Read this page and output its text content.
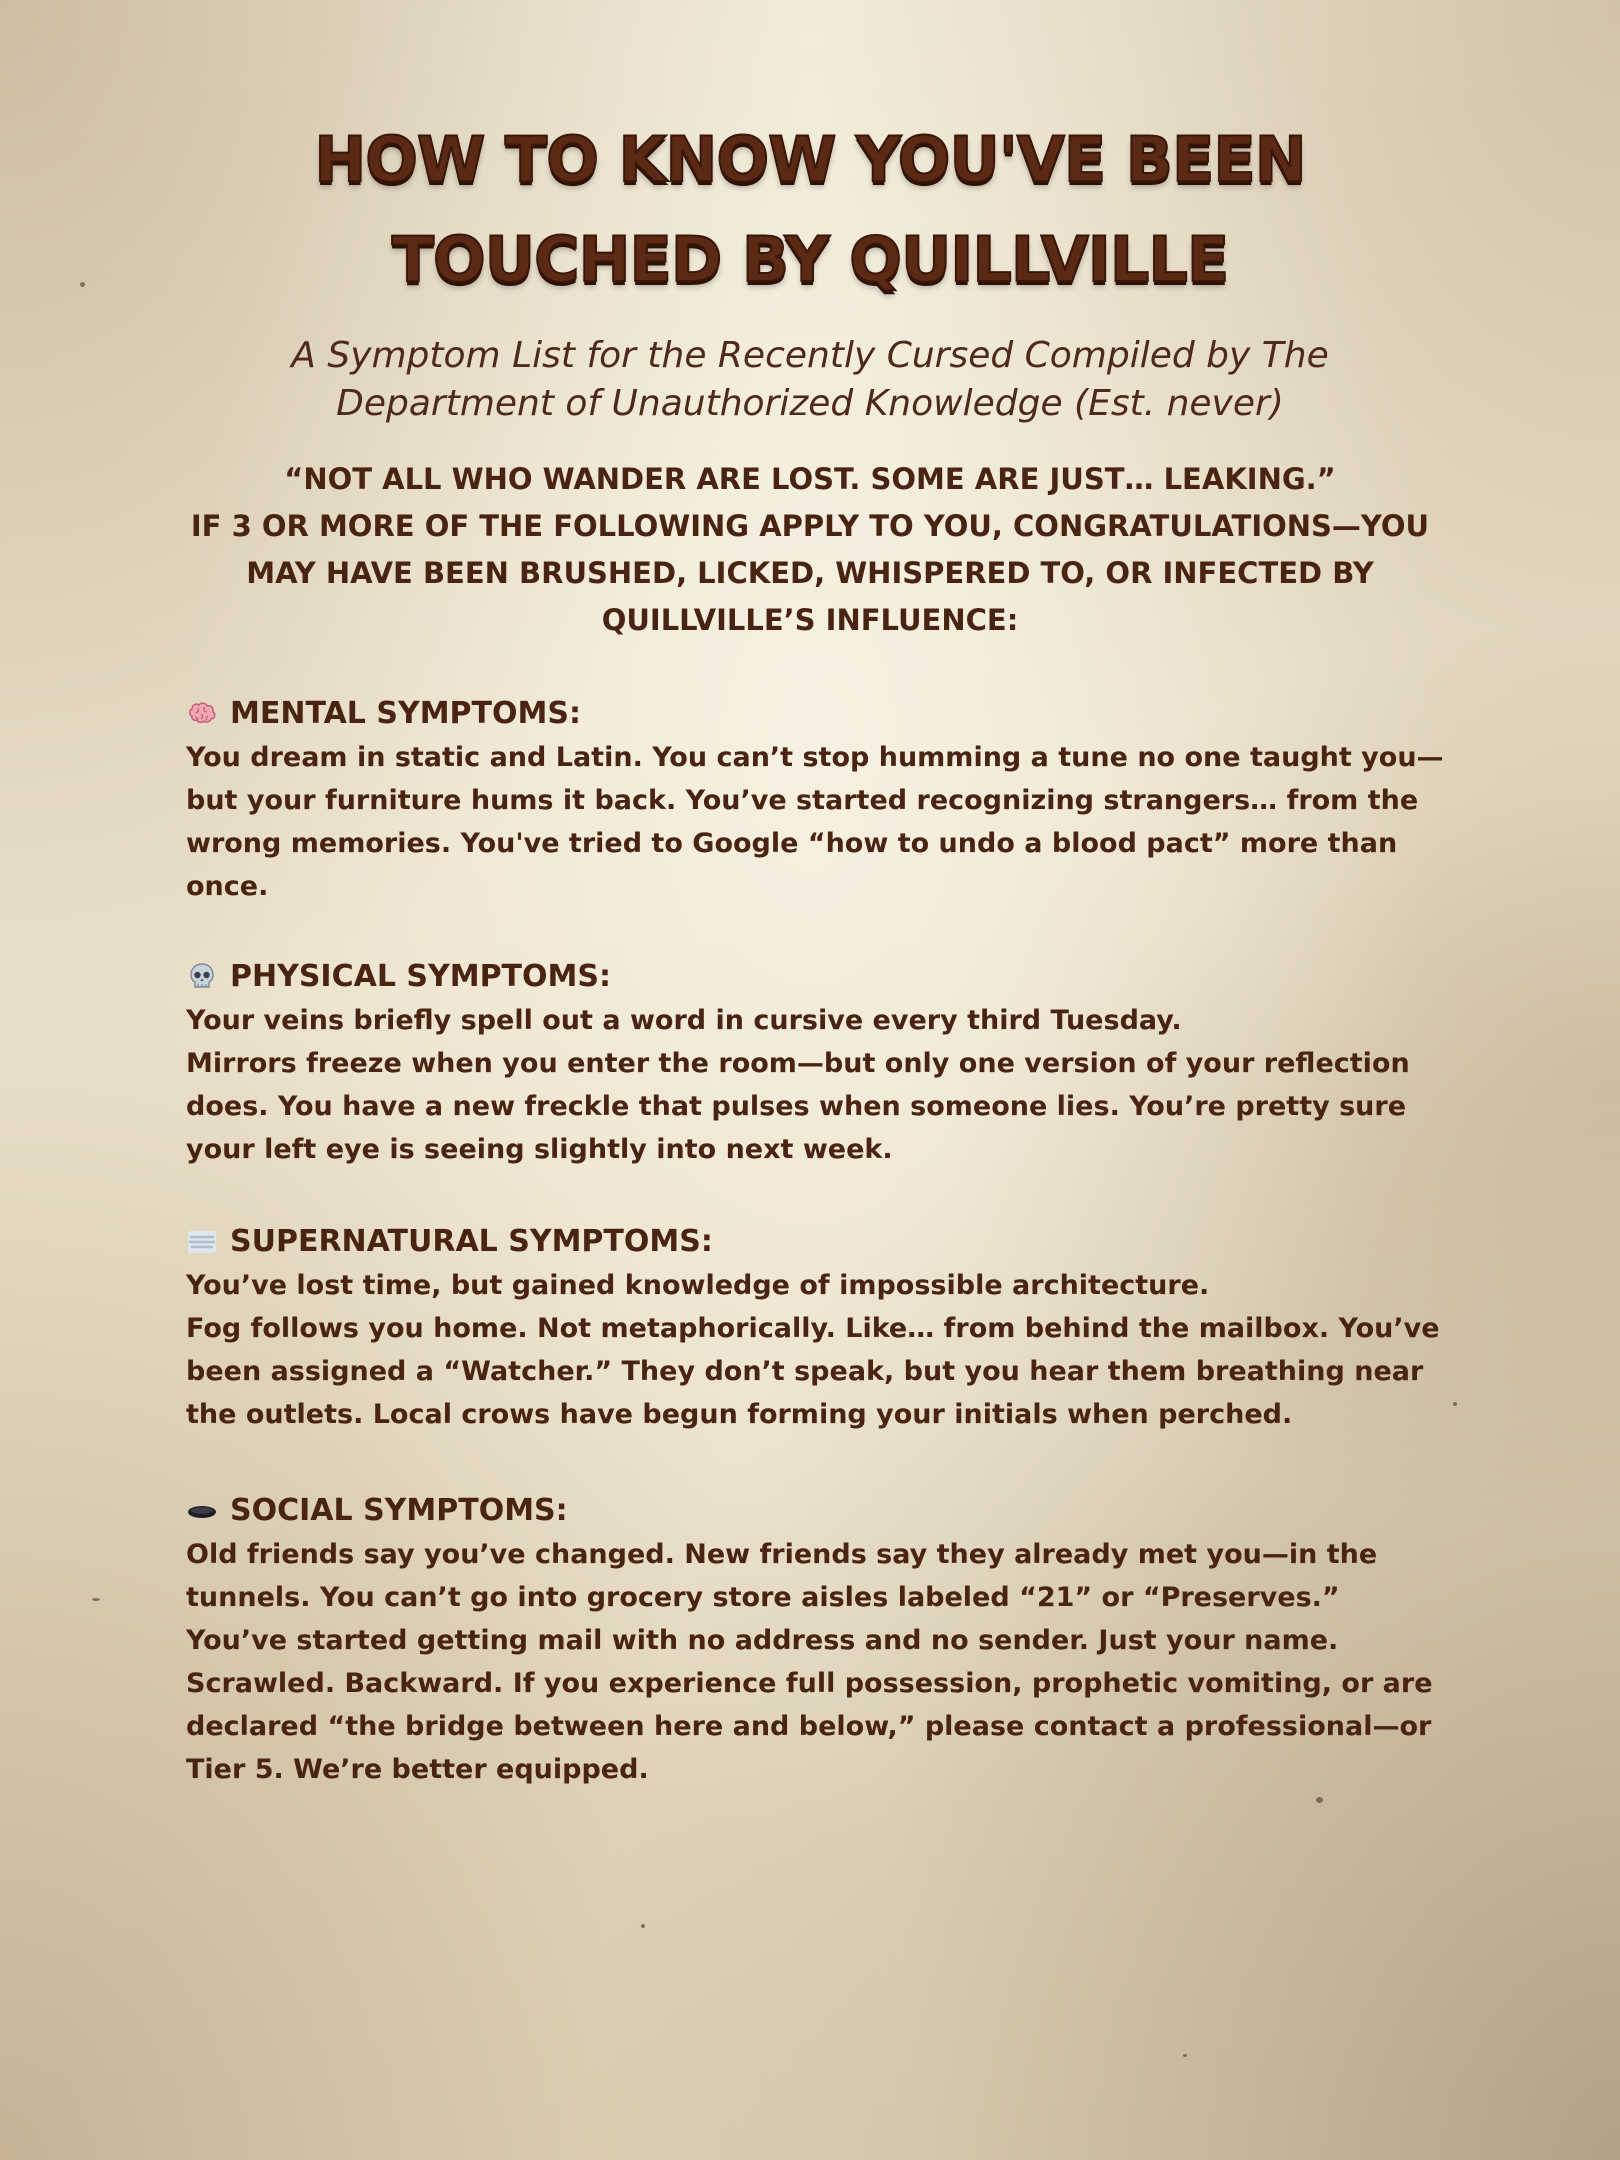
HOW TO KNOW YOU'VE BEEN
TOUCHED BY QUILLVILLE

A Symptom List for the Recently Cursed Compiled by The Department of Unauthorized Knowledge (Est. never)

“NOT ALL WHO WANDER ARE LOST. SOME ARE JUST… LEAKING.”

IF 3 OR MORE OF THE FOLLOWING APPLY TO YOU, CONGRATULATIONS—YOU MAY HAVE BEEN BRUSHED, LICKED, WHISPERED TO, OR INFECTED BY QUILLVILLE’S INFLUENCE:

MENTAL SYMPTOMS:

You dream in static and Latin. You can’t stop humming a tune no one taught you—but your furniture hums it back. You’ve started recognizing strangers… from the wrong memories. You've tried to Google “how to undo a blood pact” more than once.

PHYSICAL SYMPTOMS:

Your veins briefly spell out a word in cursive every third Tuesday.

Mirrors freeze when you enter the room—but only one version of your reflection does. You have a new freckle that pulses when someone lies. You’re pretty sure your left eye is seeing slightly into next week.

SUPERNATURAL SYMPTOMS:

You’ve lost time, but gained knowledge of impossible architecture.

Fog follows you home. Not metaphorically. Like… from behind the mailbox. You’ve been assigned a “Watcher.” They don’t speak, but you hear them breathing near the outlets. Local crows have begun forming your initials when perched.

SOCIAL SYMPTOMS:

Old friends say you’ve changed. New friends say they already met you—in the tunnels. You can’t go into grocery store aisles labeled “21” or “Preserves.” You’ve started getting mail with no address and no sender. Just your name. Scrawled. Backward. If you experience full possession, prophetic vomiting, or are declared “the bridge between here and below,” please contact a professional—or Tier 5. We’re better equipped.
